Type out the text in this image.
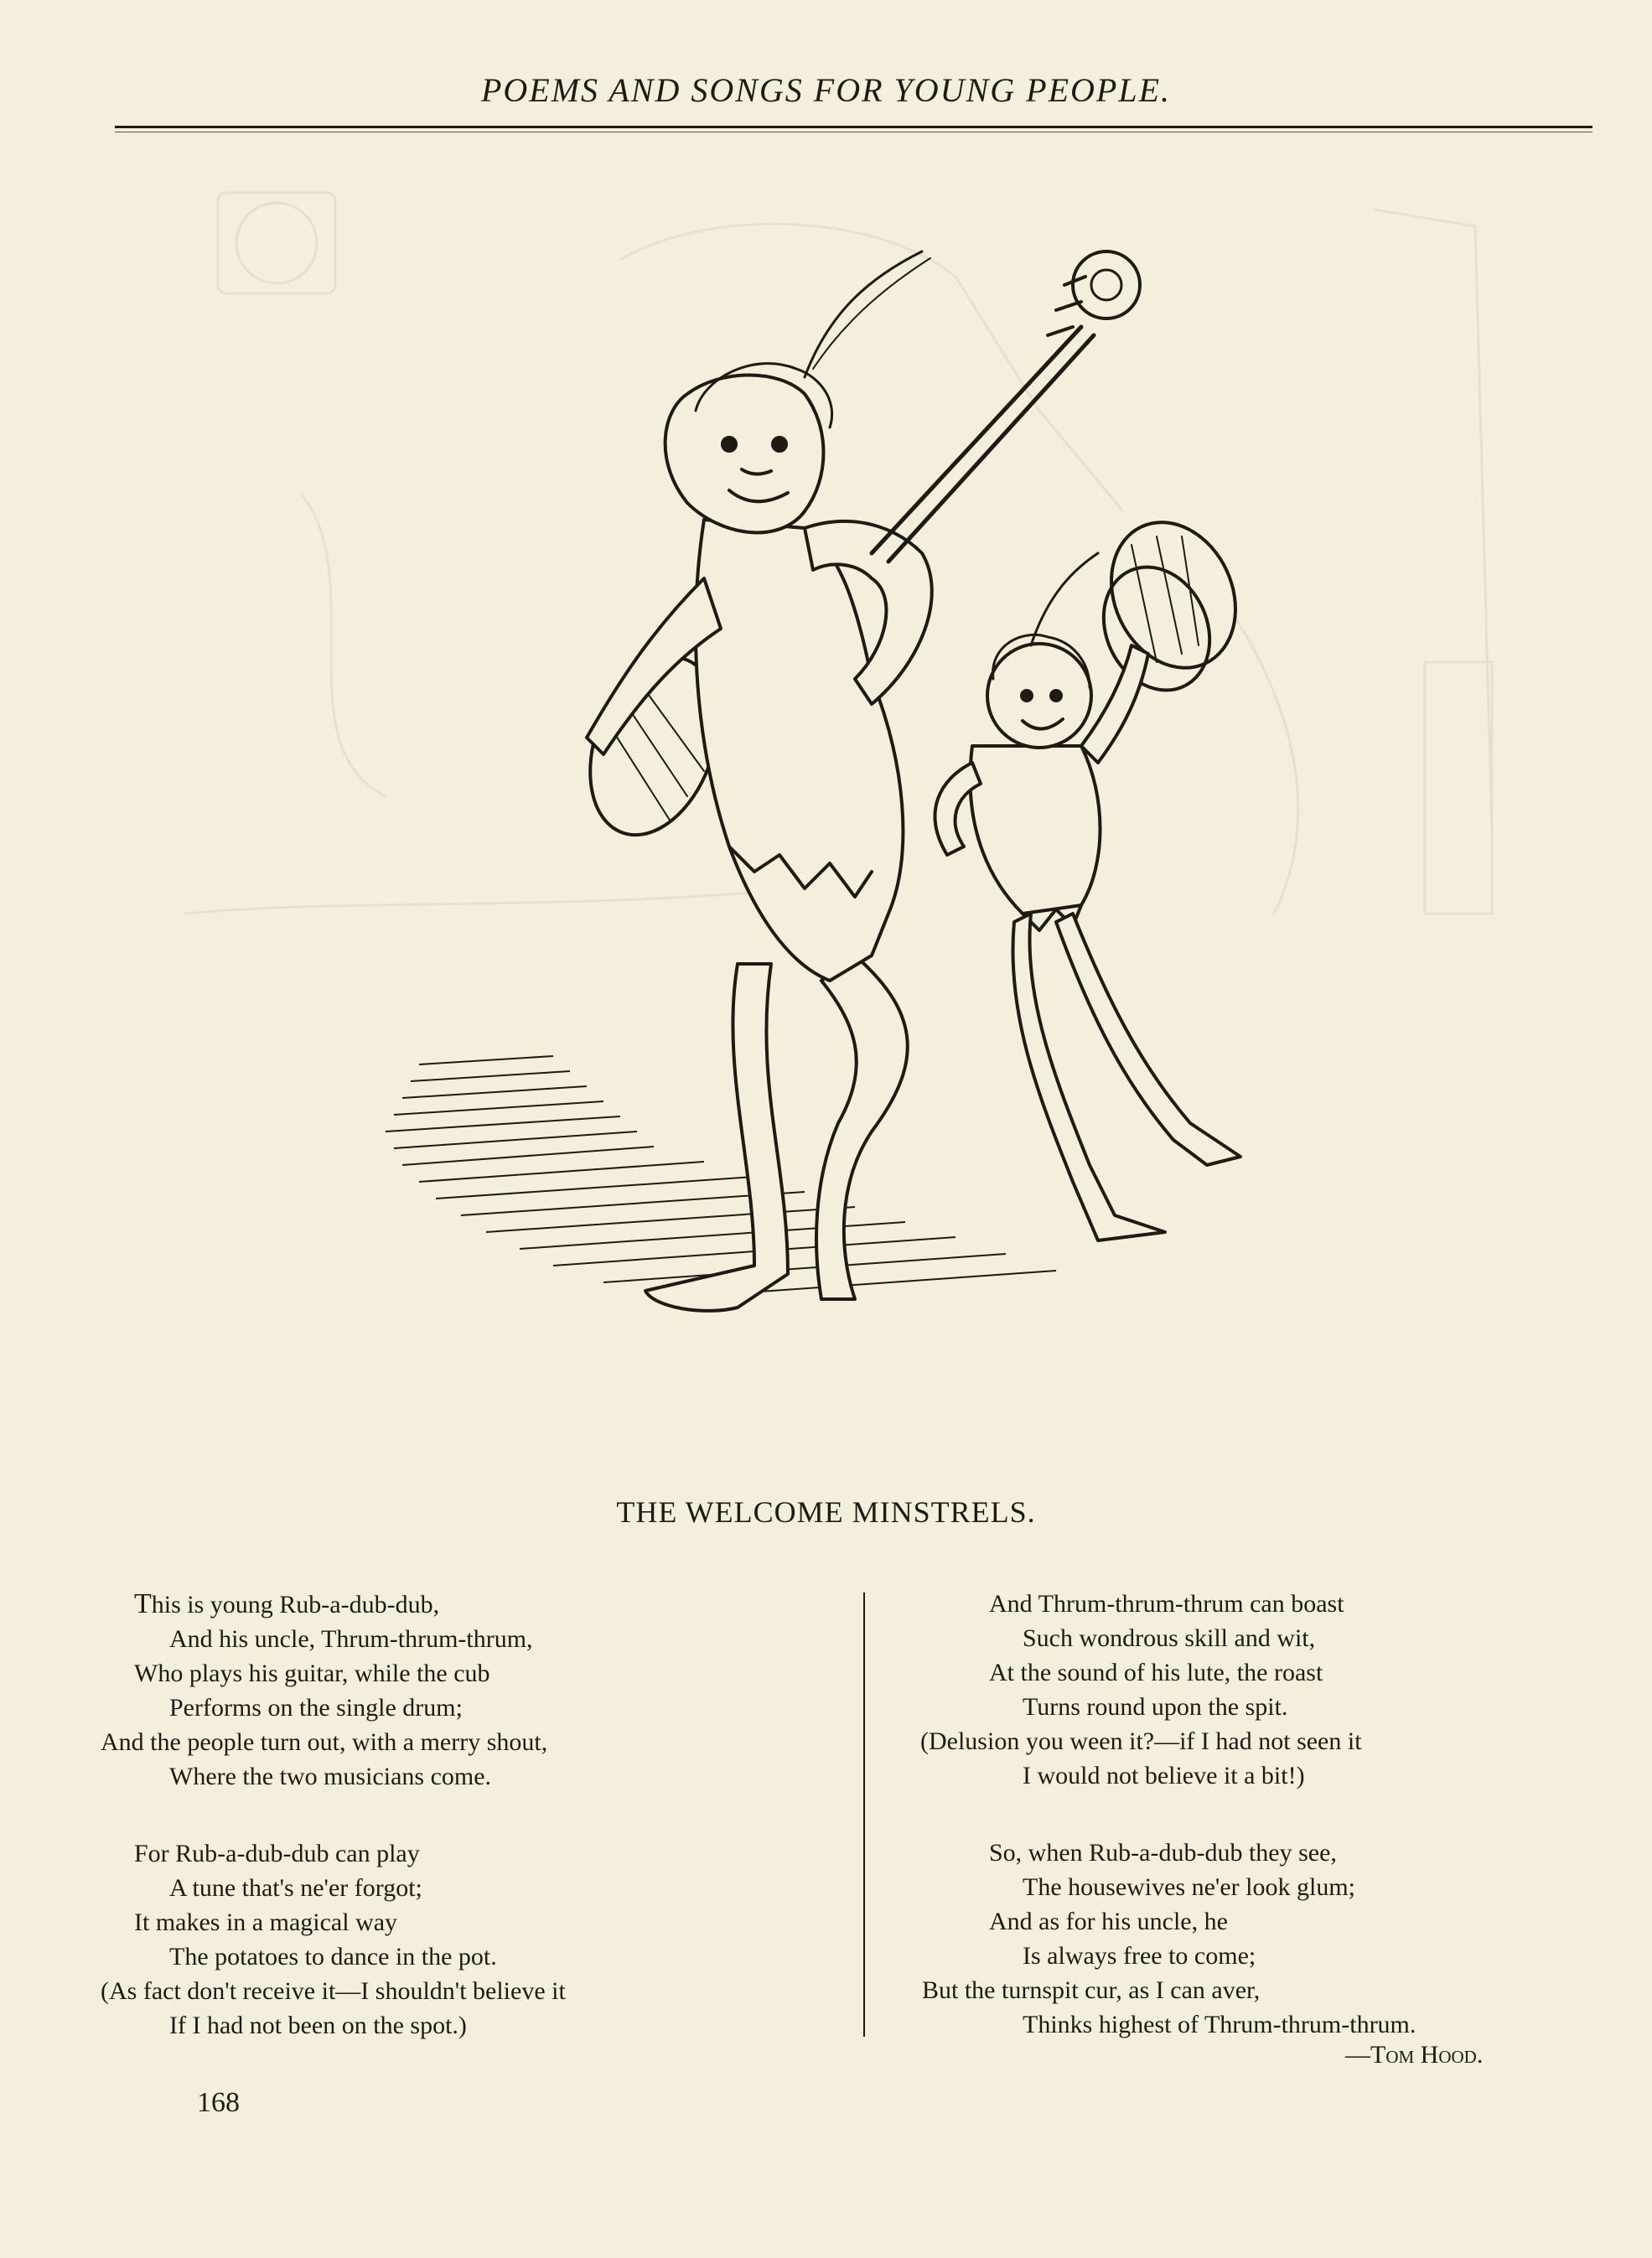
POEMS AND SONGS FOR YOUNG PEOPLE.
THE WELCOME MINSTRELS.
This is young Rub-a-dub-dub,
And his uncle, Thrum-thrum-thrum,
Who plays his guitar, while the cub
Performs on the single drum;
And the people turn out, with a merry shout,
Where the two musicians come.
For Rub-a-dub-dub can play
A tune that's ne'er forgot;
It makes in a magical way
The potatoes to dance in the pot.
(As fact don't receive it—I shouldn't believe it
If I had not been on the spot.)
And Thrum-thrum-thrum can boast
Such wondrous skill and wit,
At the sound of his lute, the roast
Turns round upon the spit.
(Delusion you ween it?—if I had not seen it
I would not believe it a bit!)
So, when Rub-a-dub-dub they see,
The housewives ne'er look glum;
And as for his uncle, he
Is always free to come;
But the turnspit cur, as I can aver,
Thinks highest of Thrum-thrum-thrum.
—Tom Hood.
168
